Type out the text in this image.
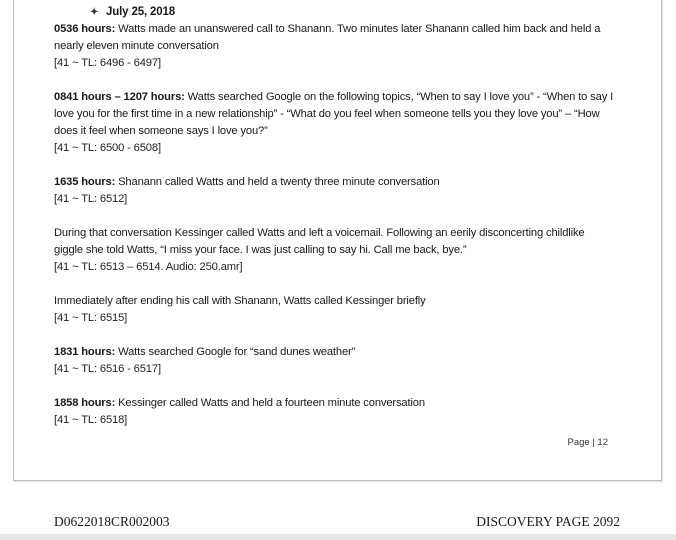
✦ July 25, 2018

0536 hours: Watts made an unanswered call to Shanann. Two minutes later Shanann called him back and held a nearly eleven minute conversation

[41 ~ TL: 6496 - 6497]

0841 hours – 1207 hours: Watts searched Google on the following topics, “When to say I love you” - “When to say I love you for the first time in a new relationship” - “What do you feel when someone tells you they love you” – “How does it feel when someone says I love you?”

[41 ~ TL: 6500 - 6508]

1635 hours: Shanann called Watts and held a twenty three minute conversation

[41 ~ TL: 6512]

During that conversation Kessinger called Watts and left a voicemail. Following an eerily disconcerting childlike giggle she told Watts, “I miss your face. I was just calling to say hi. Call me back, bye.”

[41 ~ TL: 6513 – 6514. Audio: 250.amr]

Immediately after ending his call with Shanann, Watts called Kessinger briefly

[41 ~ TL: 6515]

1831 hours: Watts searched Google for “sand dunes weather”

[41 ~ TL: 6516 - 6517]

1858 hours: Kessinger called Watts and held a fourteen minute conversation

[41 ~ TL: 6518]

Page | 12
D0622018CR002003	DISCOVERY PAGE 2092
